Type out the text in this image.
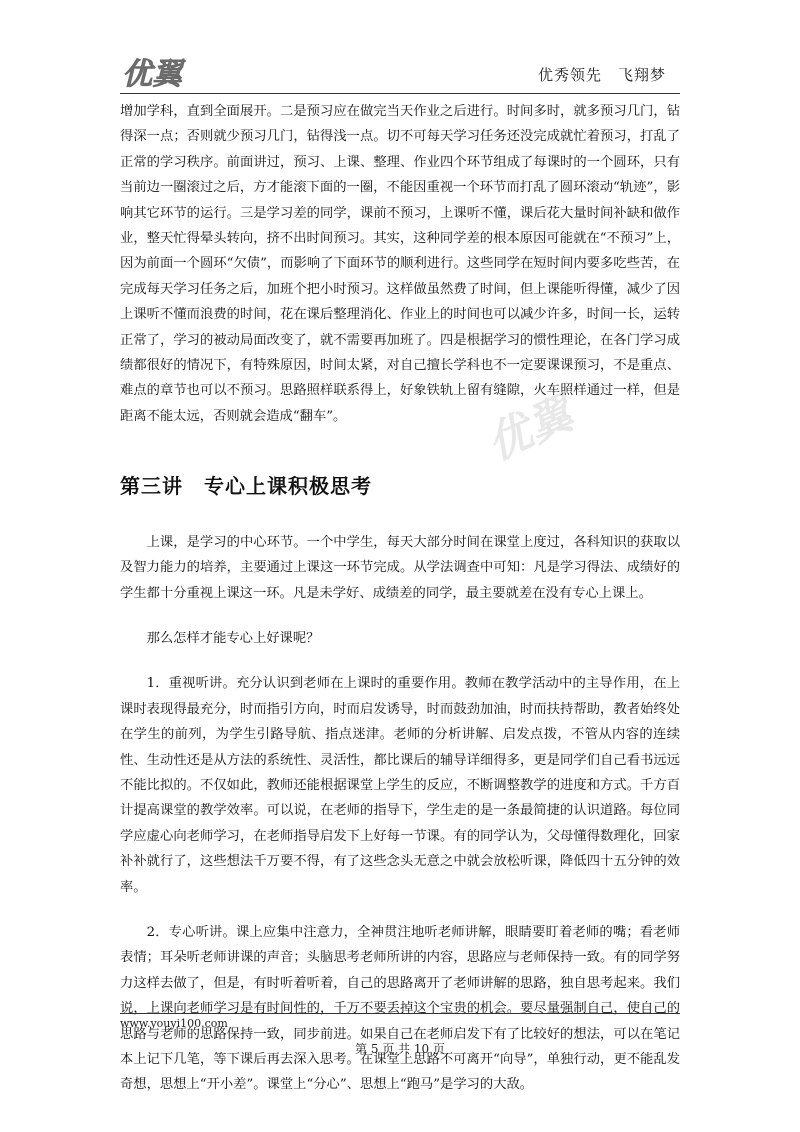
优翼	优秀领先　飞翔梦
优翼

增加学科，直到全面展开。二是预习应在做完当天作业之后进行。时间多时，就多预习几门，钻得深一点；否则就少预习几门，钻得浅一点。切不可每天学习任务还没完成就忙着预习，打乱了正常的学习秩序。前面讲过，预习、上课、整理、作业四个环节组成了每课时的一个圆环，只有当前边一圈滚过之后，方才能滚下面的一圈，不能因重视一个环节而打乱了圆环滚动“轨迹”，影响其它环节的运行。三是学习差的同学，课前不预习，上课听不懂，课后花大量时间补缺和做作业，整天忙得晕头转向，挤不出时间预习。其实，这种同学差的根本原因可能就在“不预习”上，因为前面一个圆环“欠债”，而影响了下面环节的顺利进行。这些同学在短时间内要多吃些苦，在完成每天学习任务之后，加班个把小时预习。这样做虽然费了时间，但上课能听得懂，减少了因上课听不懂而浪费的时间，花在课后整理消化、作业上的时间也可以减少许多，时间一长，运转正常了，学习的被动局面改变了，就不需要再加班了。四是根据学习的惯性理论，在各门学习成绩都很好的情况下，有特殊原因，时间太紧，对自己擅长学科也不一定要课课预习，不是重点、难点的章节也可以不预习。思路照样联系得上，好象铁轨上留有缝隙，火车照样通过一样，但是距离不能太远，否则就会造成“翻车”。

第三讲　专心上课积极思考

上课，是学习的中心环节。一个中学生，每天大部分时间在课堂上度过，各科知识的获取以及智力能力的培养，主要通过上课这一环节完成。从学法调查中可知：凡是学习得法、成绩好的学生都十分重视上课这一环。凡是未学好、成绩差的同学，最主要就差在没有专心上课上。

那么怎样才能专心上好课呢？

1．重视听讲。充分认识到老师在上课时的重要作用。教师在教学活动中的主导作用，在上课时表现得最充分，时而指引方向，时而启发诱导，时而鼓劲加油，时而扶持帮助，教者始终处在学生的前列，为学生引路导航、指点迷津。老师的分析讲解、启发点拨，不管从内容的连续性、生动性还是从方法的系统性、灵活性，都比课后的辅导详细得多，更是同学们自己看书远远不能比拟的。不仅如此，教师还能根据课堂上学生的反应，不断调整教学的进度和方式。千方百计提高课堂的教学效率。可以说，在老师的指导下，学生走的是一条最简捷的认识道路。每位同学应虚心向老师学习，在老师指导启发下上好每一节课。有的同学认为，父母懂得数理化，回家补补就行了，这些想法千万要不得，有了这些念头无意之中就会放松听课，降低四十五分钟的效率。

2．专心听讲。课上应集中注意力，全神贯注地听老师讲解，眼睛要盯着老师的嘴；看老师表情；耳朵听老师讲课的声音；头脑思考老师所讲的内容，思路应与老师保持一致。有的同学努力这样去做了，但是，有时听着听着，自己的思路离开了老师讲解的思路，独自思考起来。我们说，上课向老师学习是有时间性的，千万不要丢掉这个宝贵的机会。要尽量强制自己，使自己的思路与老师的思路保持一致，同步前进。如果自己在老师启发下有了比较好的想法，可以在笔记本上记下几笔，等下课后再去深入思考。在课堂上思路不可离开“向导”，单独行动，更不能乱发奇想，思想上“开小差”。课堂上“分心”、思想上“跑马”是学习的大敌。

www.youyi100.com
第 5 页 共 10 页
